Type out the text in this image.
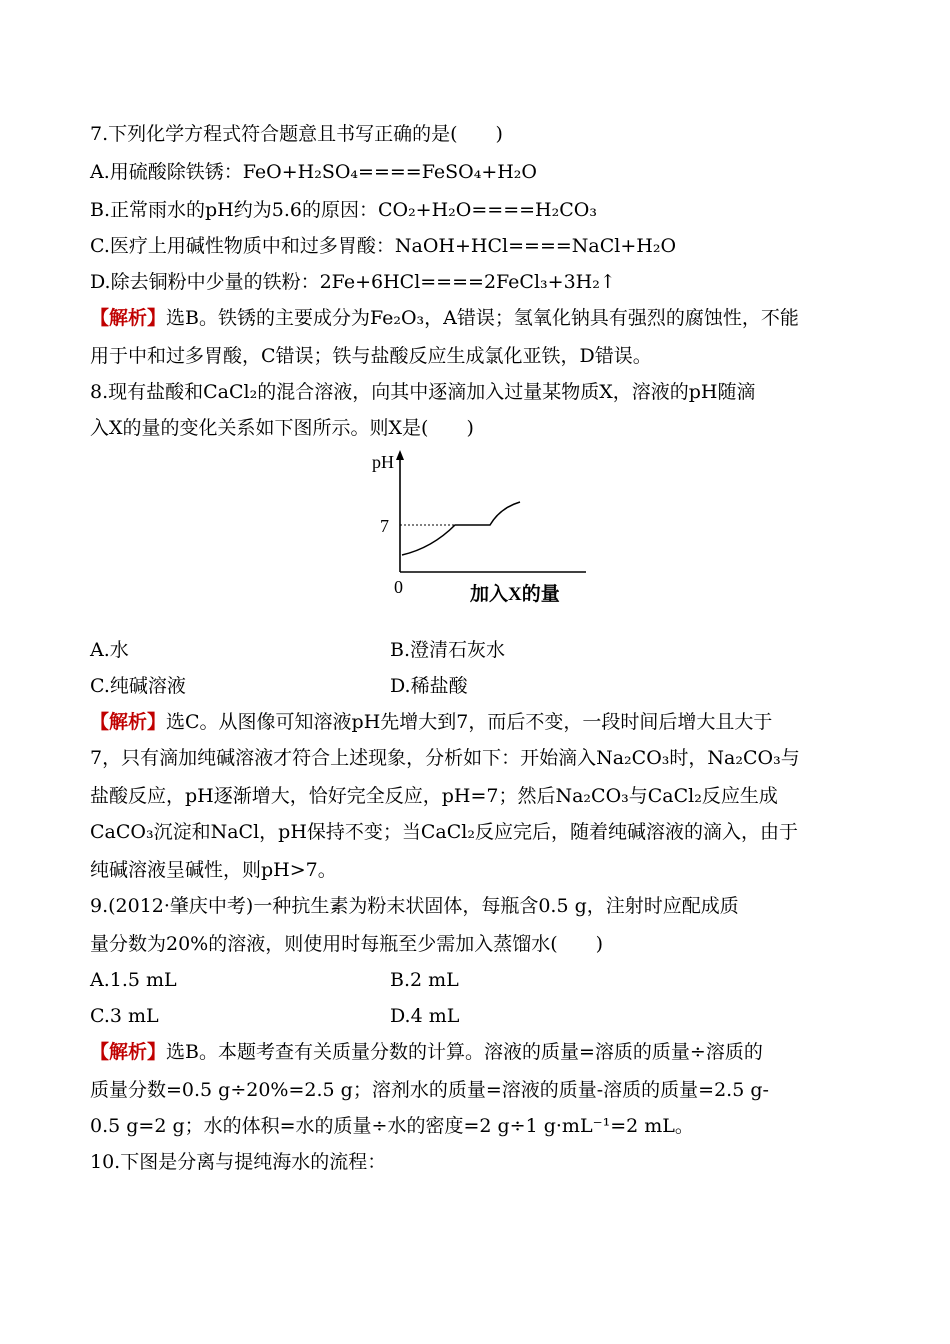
7.下列化学方程式符合题意且书写正确的是(　　)
A.用硫酸除铁锈：FeO+H₂SO₄====FeSO₄+H₂O
B.正常雨水的pH约为5.6的原因：CO₂+H₂O====H₂CO₃
C.医疗上用碱性物质中和过多胃酸：NaOH+HCl====NaCl+H₂O
D.除去铜粉中少量的铁粉：2Fe+6HCl====2FeCl₃+3H₂↑
【解析】选B。铁锈的主要成分为Fe₂O₃，A错误；氢氧化钠具有强烈的腐蚀性，不能
用于中和过多胃酸，C错误；铁与盐酸反应生成氯化亚铁，D错误。
8.现有盐酸和CaCl₂的混合溶液，向其中逐滴加入过量某物质X，溶液的pH随滴
入X的量的变化关系如下图所示。则X是(　　)
pH
7
0	加入X的量
A.水	B.澄清石灰水
C.纯碱溶液	D.稀盐酸
【解析】选C。从图像可知溶液pH先增大到7，而后不变，一段时间后增大且大于
7，只有滴加纯碱溶液才符合上述现象，分析如下：开始滴入Na₂CO₃时，Na₂CO₃与
盐酸反应，pH逐渐增大，恰好完全反应，pH=7；然后Na₂CO₃与CaCl₂反应生成
CaCO₃沉淀和NaCl，pH保持不变；当CaCl₂反应完后，随着纯碱溶液的滴入，由于
纯碱溶液呈碱性，则pH>7。
9.(2012·肇庆中考)一种抗生素为粉末状固体，每瓶含0.5 g，注射时应配成质
量分数为20%的溶液，则使用时每瓶至少需加入蒸馏水(　　)
A.1.5 mL	B.2 mL
C.3 mL	D.4 mL
【解析】选B。本题考查有关质量分数的计算。溶液的质量=溶质的质量÷溶质的
质量分数=0.5 g÷20%=2.5 g；溶剂水的质量=溶液的质量-溶质的质量=2.5 g-
0.5 g=2 g；水的体积=水的质量÷水的密度=2 g÷1 g·mL⁻¹=2 mL。
10.下图是分离与提纯海水的流程：
